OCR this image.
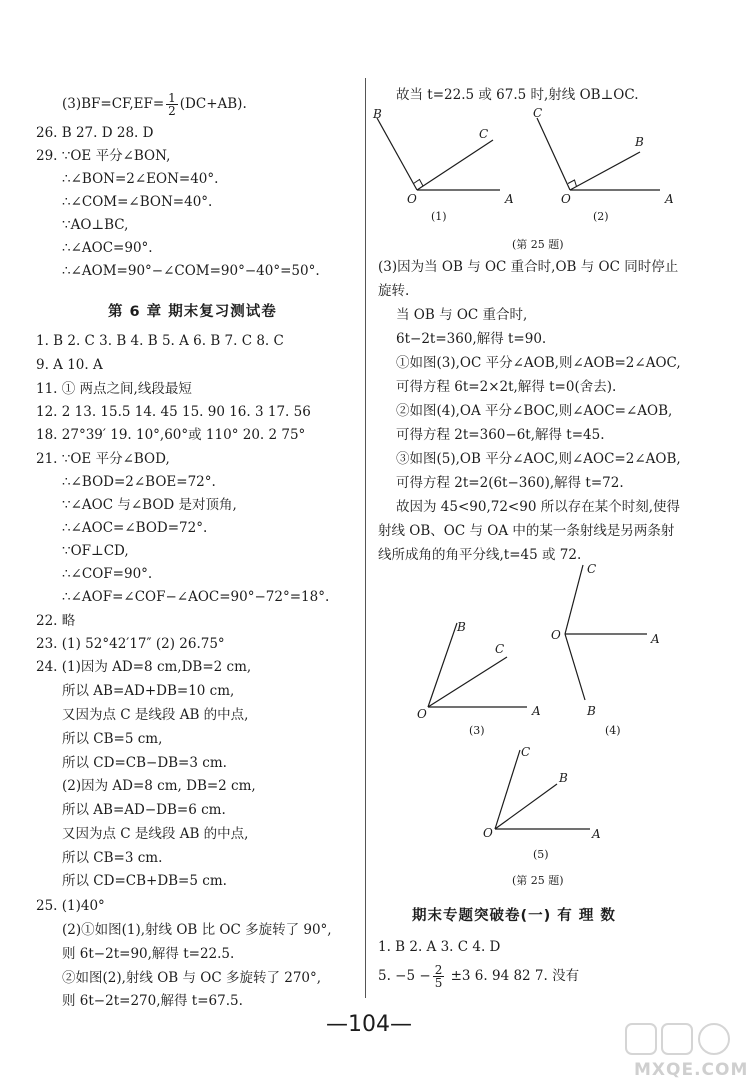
$(3)BF=CF,EF= \frac{1}{2} (DC+AB)$.
26. B 27. D 28. D
29. ∵OE 平分∠BON,
∴∠BON=2∠EON=40°.
∴∠COM=∠BON=40°.
∵AO⊥BC,
∴∠AOC=90°.
∴∠AOM=90°−∠COM=90°−40°=50°.
第 6 章 期末复习测试卷
1. B 2. C 3. B 4. B 5. A 6. B 7. C 8. C
9. A 10. A
11. ① 两点之间,线段最短
12. 2 13. 15.5 14. 45 15. 90 16. 3 17. 56
18. 27°39′ 19. 10°,60°或 110° 20. 2 75°
21. ∵OE 平分∠BOD,
∴∠BOD=2∠BOE=72°.
∵∠AOC 与∠BOD 是对顶角,
∴∠AOC=∠BOD=72°.
∵OF⊥CD,
∴∠COF=90°.
∴∠AOF=∠COF−∠AOC=90°−72°=18°.
22. 略
23. (1) 52°42′17″ (2) 26.75°
24. (1)因为 AD=8 cm,DB=2 cm,
所以 AB=AD+DB=10 cm,
又因为点 C 是线段 AB 的中点,
所以 CB=5 cm,
所以 CD=CB−DB=3 cm.
(2)因为 AD=8 cm, DB=2 cm,
所以 AB=AD−DB=6 cm.
又因为点 C 是线段 AB 的中点,
所以 CB=3 cm.
所以 CD=CB+DB=5 cm.
25. (1)40°
(2)①如图(1),射线 OB 比 OC 多旋转了 90°,
则 6t−2t=90,解得 t=22.5.
②如图(2),射线 OB 与 OC 多旋转了 270°,
则 6t−2t=270,解得 t=67.5.
故当 t=22.5 或 67.5 时,射线 OB⊥OC.
B
C
O	A
(1)
C
B
O	A
(2)
(第 25 题)
(3)因为当 OB 与 OC 重合时,OB 与 OC 同时停止
旋转.
当 OB 与 OC 重合时,
6t−2t=360,解得 t=90.
①如图(3),OC 平分∠AOB,则∠AOB=2∠AOC,
可得方程 6t=2×2t,解得 t=0(舍去).
②如图(4),OA 平分∠BOC,则∠AOC=∠AOB,
可得方程 2t=360−6t,解得 t=45.
③如图(5),OB 平分∠AOC,则∠AOC=2∠AOB,
可得方程 2t=2(6t−360),解得 t=72.
故因为 45<90,72<90 所以存在某个时刻,使得
射线 OB、OC 与 OA 中的某一条射线是另两条射
线所成角的角平分线,t=45 或 72.
B
C
O	A
(3)
C
O	A
B
(4)
C
B
O	A
(5)
(第 25 题)
期末专题突破卷(一) 有 理 数
1. B 2. A 3. C 4. D
5. $-5 - \frac{2}{5} \pm 3$ 6. 94 82 7. 没有
—104—
MXQE.COM
